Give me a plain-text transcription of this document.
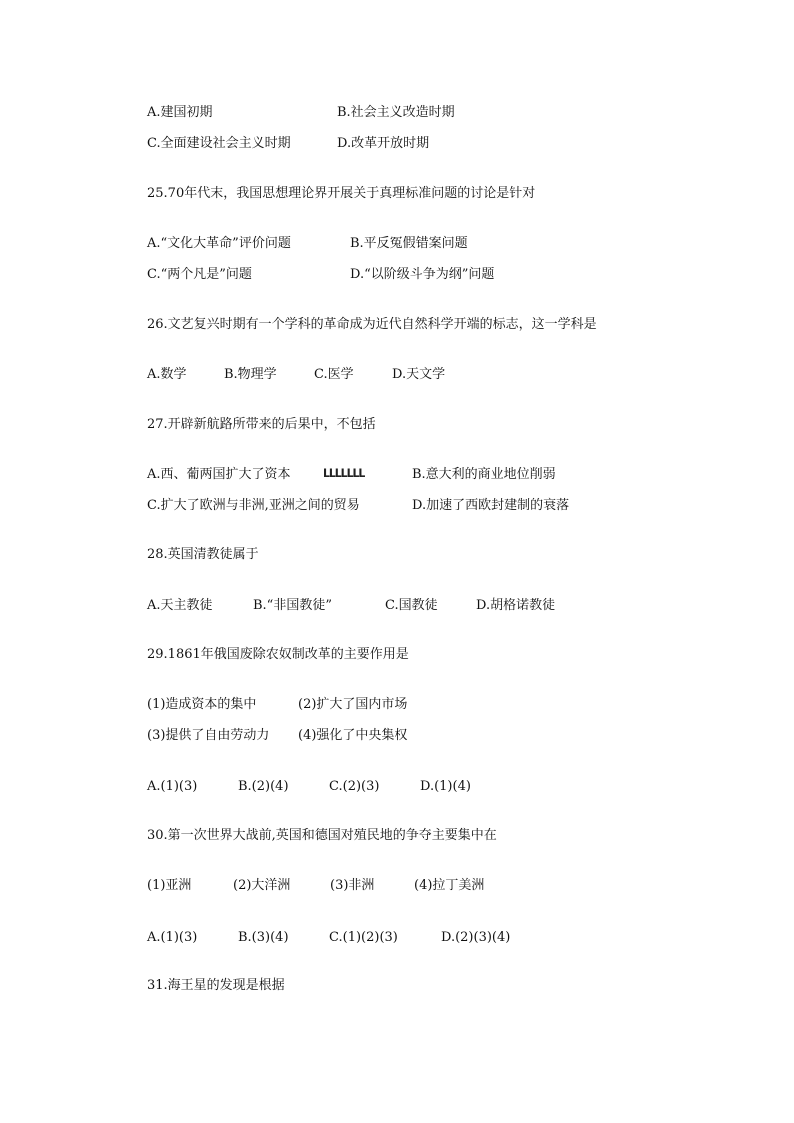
A.建国初期	B.社会主义改造时期
C.全面建设社会主义时期	D.改革开放时期
25.70年代末，我国思想理论界开展关于真理标准问题的讨论是针对
A.“文化大革命”评价问题	B.平反冤假错案问题
C.“两个凡是”问题	D.“以阶级斗争为纲”问题
26.文艺复兴时期有一个学科的革命成为近代自然科学开端的标志，这一学科是
A.数学	B.物理学	C.医学	D.天文学
27.开辟新航路所带来的后果中，不包括
A.西、葡两国扩大了资本	ᒪᒪᒪᒪᒪᒪᒪ	B.意大利的商业地位削弱
C.扩大了欧洲与非洲,亚洲之间的贸易	D.加速了西欧封建制的衰落
28.英国清教徒属于
A.天主教徒	B.“非国教徒”	C.国教徒	D.胡格诺教徒
29.1861年俄国废除农奴制改革的主要作用是
(1)造成资本的集中	(2)扩大了国内市场
(3)提供了自由劳动力 (4)强化了中央集权
A.(1)(3)	B.(2)(4)	C.(2)(3)	D.(1)(4)
30.第一次世界大战前,英国和德国对殖民地的争夺主要集中在
(1)亚洲	(2)大洋洲	(3)非洲	(4)拉丁美洲
A.(1)(3)	B.(3)(4)	C.(1)(2)(3)	D.(2)(3)(4)
31.海王星的发现是根据
